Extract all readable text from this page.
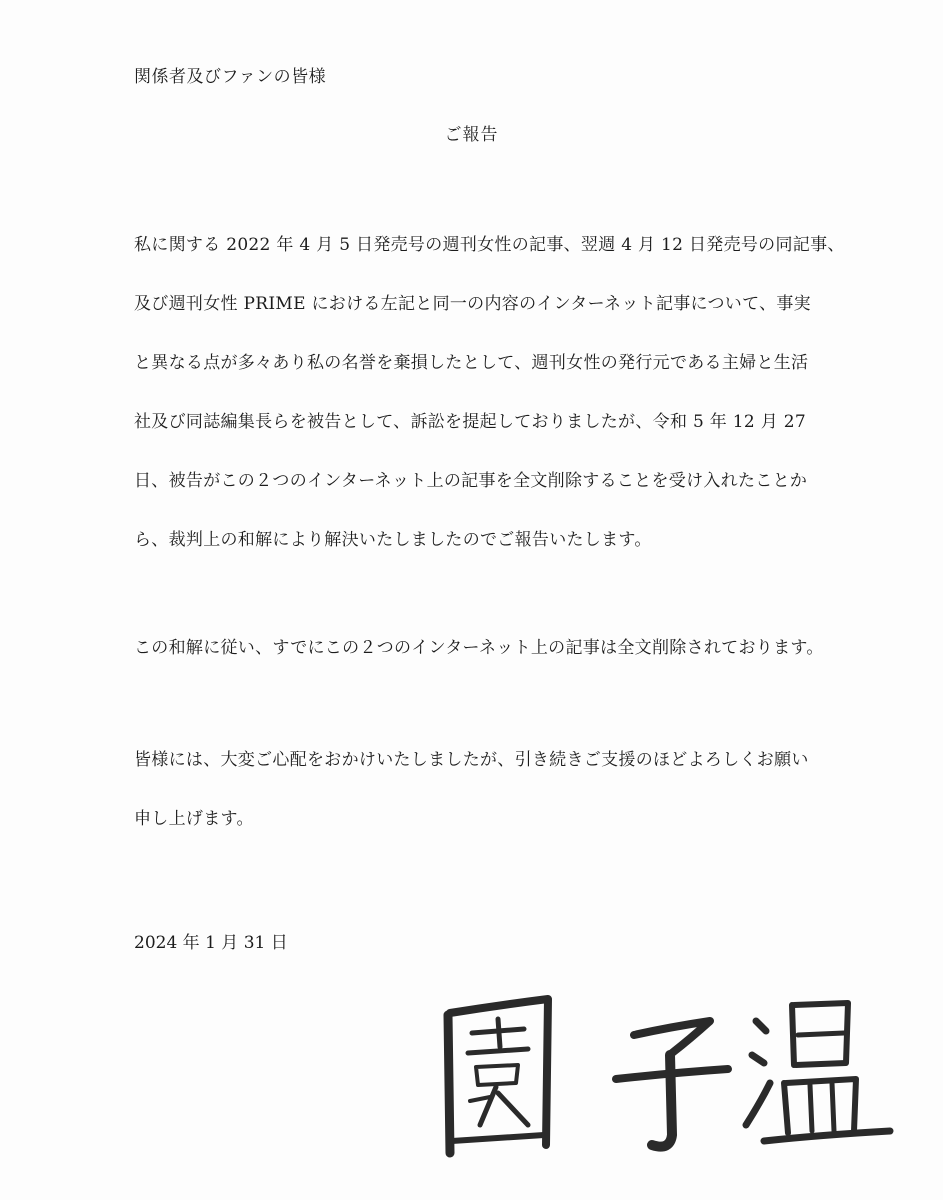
関係者及びファンの皆様
ご報告
私に関する 2022 年 4 月 5 日発売号の週刊女性の記事、翌週 4 月 12 日発売号の同記事、
及び週刊女性 PRIME における左記と同一の内容のインターネット記事について、事実
と異なる点が多々あり私の名誉を棄損したとして、週刊女性の発行元である主婦と生活
社及び同誌編集長らを被告として、訴訟を提起しておりましたが、令和 5 年 12 月 27
日、被告がこの２つのインターネット上の記事を全文削除することを受け入れたことか
ら、裁判上の和解により解決いたしましたのでご報告いたします。
この和解に従い、すでにこの２つのインターネット上の記事は全文削除されております。
皆様には、大変ご心配をおかけいたしましたが、引き続きご支援のほどよろしくお願い
申し上げます。
2024 年 1 月 31 日
